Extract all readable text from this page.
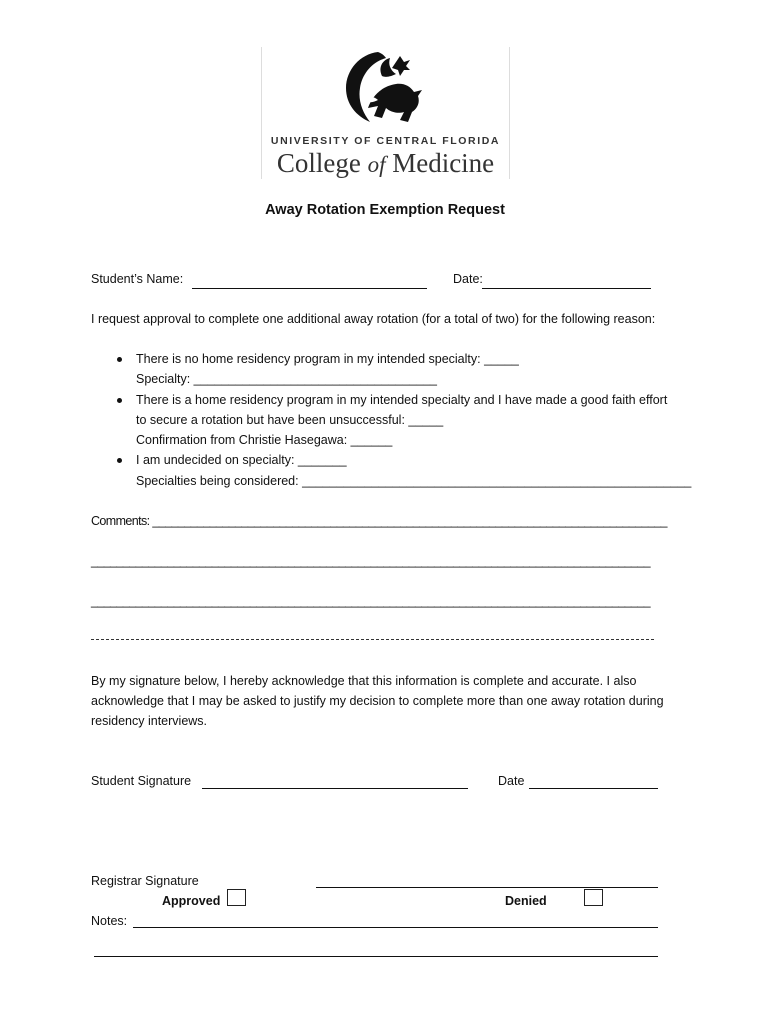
UNIVERSITY OF CENTRAL FLORIDA
College of Medicine
Away Rotation Exemption Request
Student’s Name:	Date:
I request approval to complete one additional away rotation (for a total of two) for the following reason:
There is no home residency program in my intended specialty: _____
Specialty: ___________________________________
There is a home residency program in my intended specialty and I have made a good faith effort
to secure a rotation but have been unsuccessful: _____
Confirmation from Christie Hasegawa: ______
I am undecided on specialty: _______
Specialties being considered: ________________________________________________________
Comments: _________________________________________________________________________________
________________________________________________________________________________________
________________________________________________________________________________________
By my signature below, I hereby acknowledge that this information is complete and accurate. I also
acknowledge that I may be asked to justify my decision to complete more than one away rotation during
residency interviews.
Student Signature	Date
Registrar Signature
Approved	Denied
Notes:
